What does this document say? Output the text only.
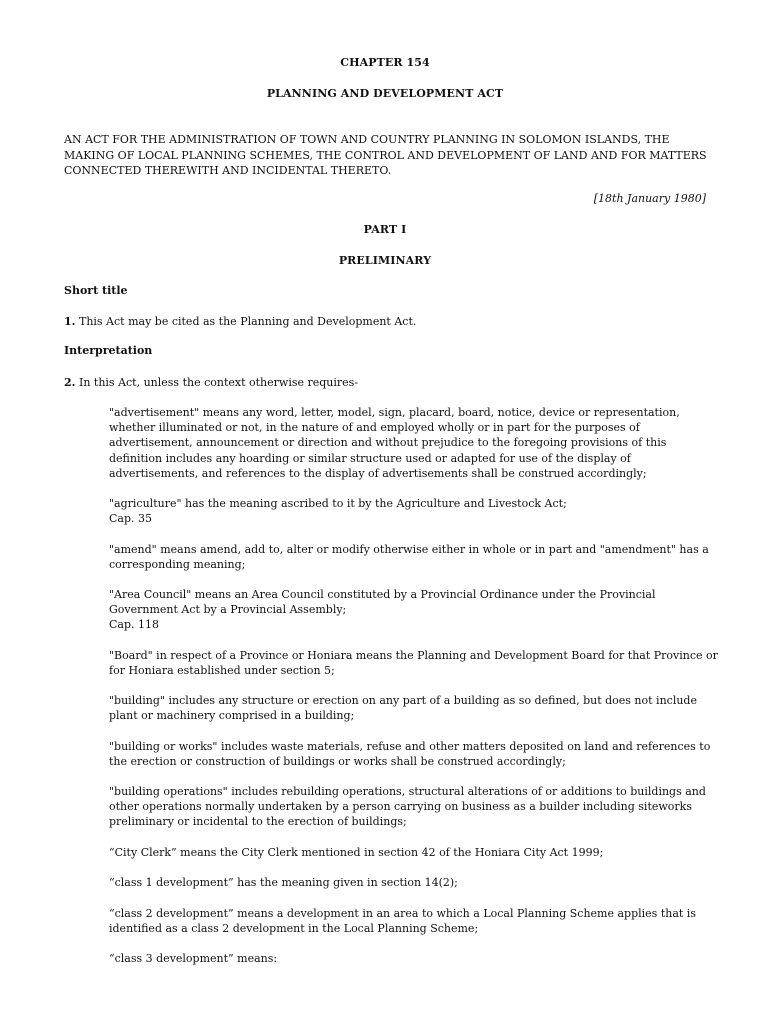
CHAPTER 154
PLANNING AND DEVELOPMENT ACT
AN ACT FOR THE ADMINISTRATION OF TOWN AND COUNTRY PLANNING IN SOLOMON ISLANDS, THE MAKING OF LOCAL PLANNING SCHEMES, THE CONTROL AND DEVELOPMENT OF LAND AND FOR MATTERS CONNECTED THEREWITH AND INCIDENTAL THERETO.
[18th January 1980]
PART I
PRELIMINARY
Short title
1. This Act may be cited as the Planning and Development Act.
Interpretation
2. In this Act, unless the context otherwise requires-
"advertisement" means any word, letter, model, sign, placard, board, notice, device or representation, whether illuminated or not, in the nature of and employed wholly or in part for the purposes of advertisement, announcement or direction and without prejudice to the foregoing provisions of this definition includes any hoarding or similar structure used or adapted for use of the display of advertisements, and references to the display of advertisements shall be construed accordingly;
"agriculture" has the meaning ascribed to it by the Agriculture and Livestock Act;
Cap. 35
"amend" means amend, add to, alter or modify otherwise either in whole or in part and "amendment" has a corresponding meaning;
"Area Council" means an Area Council constituted by a Provincial Ordinance under the Provincial Government Act by a Provincial Assembly;
Cap. 118
"Board" in respect of a Province or Honiara means the Planning and Development Board for that Province or for Honiara established under section 5;
"building" includes any structure or erection on any part of a building as so defined, but does not include plant or machinery comprised in a building;
"building or works" includes waste materials, refuse and other matters deposited on land and references to the erection or construction of buildings or works shall be construed accordingly;
"building operations" includes rebuilding operations, structural alterations of or additions to buildings and other operations normally undertaken by a person carrying on business as a builder including siteworks preliminary or incidental to the erection of buildings;
“City Clerk” means the City Clerk mentioned in section 42 of the Honiara City Act 1999;
“class 1 development” has the meaning given in section 14(2);
“class 2 development” means a development in an area to which a Local Planning Scheme applies that is identified as a class 2 development in the Local Planning Scheme;
“class 3 development” means:
